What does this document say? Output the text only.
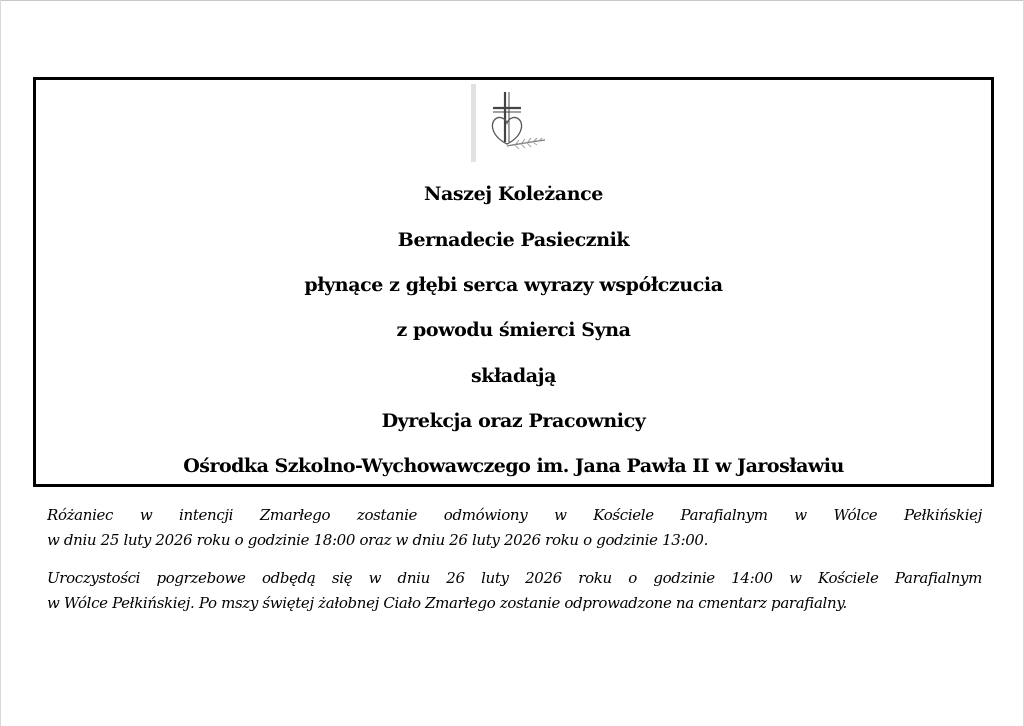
Naszej Koleżance
Bernadecie Pasiecznik
płynące z głębi serca wyrazy współczucia
z powodu śmierci Syna
składają
Dyrekcja oraz Pracownicy
Ośrodka Szkolno-Wychowawczego im. Jana Pawła II w Jarosławiu
Różaniec w intencji Zmarłego zostanie odmówiony w Kościele Parafialnym w Wólce Pełkińskiej
w dniu 25 luty 2026 roku o godzinie 18:00 oraz w dniu 26 luty 2026 roku o godzinie 13:00.
Uroczystości pogrzebowe odbędą się w dniu 26 luty 2026 roku o godzinie 14:00 w Kościele Parafialnym
w Wólce Pełkińskiej. Po mszy świętej żałobnej Ciało Zmarłego zostanie odprowadzone na cmentarz parafialny.
